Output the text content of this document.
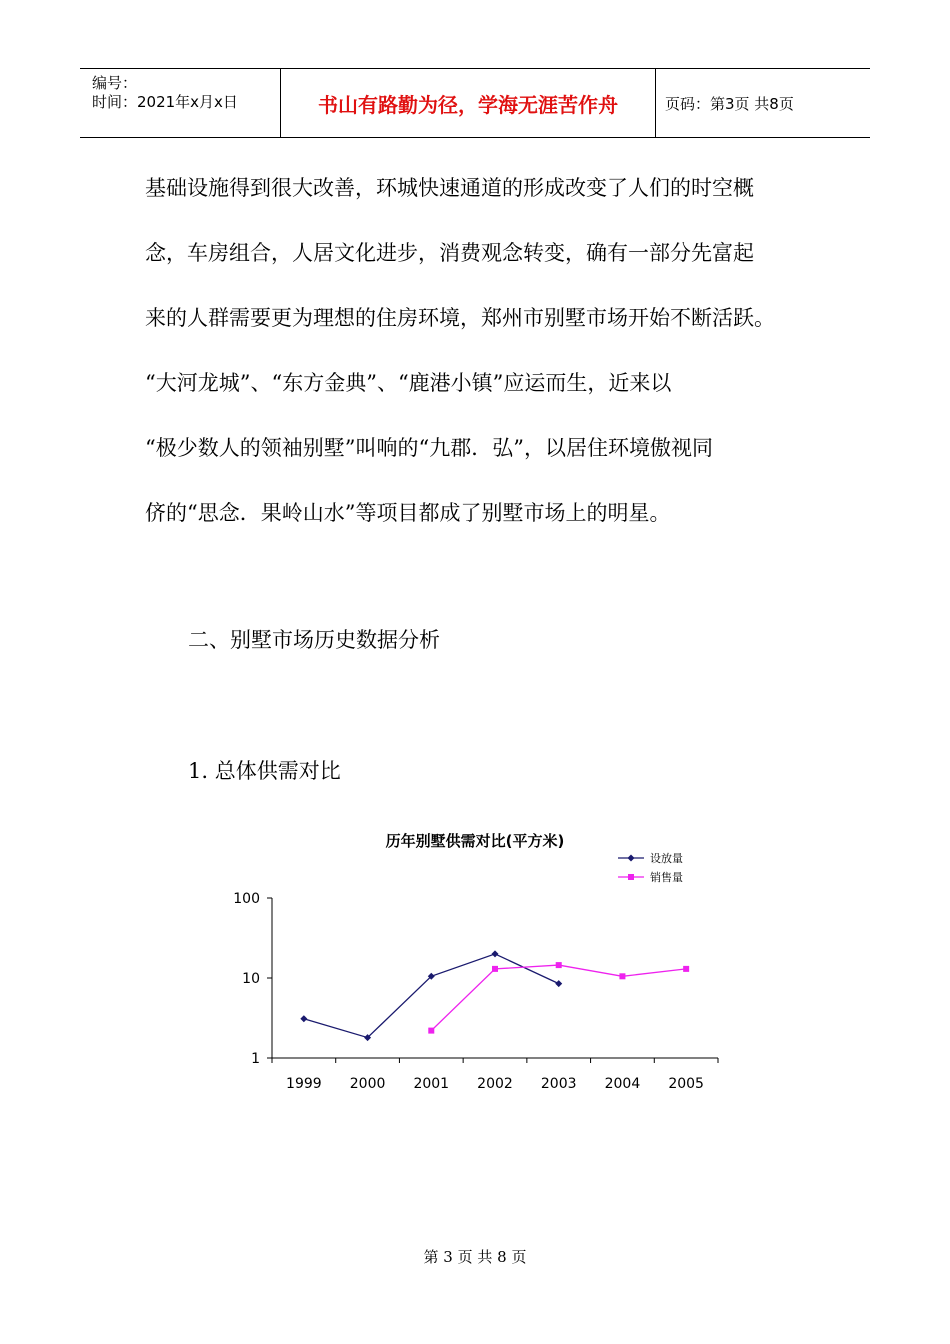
编号：
时间：2021年x月x日	书山有路勤为径，学海无涯苦作舟	页码：第3页 共8页
基础设施得到很大改善，环城快速通道的形成改变了人们的时空概
念，车房组合，人居文化进步，消费观念转变，确有一部分先富起
来的人群需要更为理想的住房环境，郑州市别墅市场开始不断活跃。
“大河龙城”、“东方金典”、“鹿港小镇”应运而生，近来以
“极少数人的领袖别墅”叫响的“九郡．弘”，以居住环境傲视同
侪的“思念．果岭山水”等项目都成了别墅市场上的明星。
二、别墅市场历史数据分析
1. 总体供需对比
历年别墅供需对比(平方米)
设放量
销售量
1
10
100
1999 2000 2001 2002 2003 2004 2005
第 3 页 共 8 页
